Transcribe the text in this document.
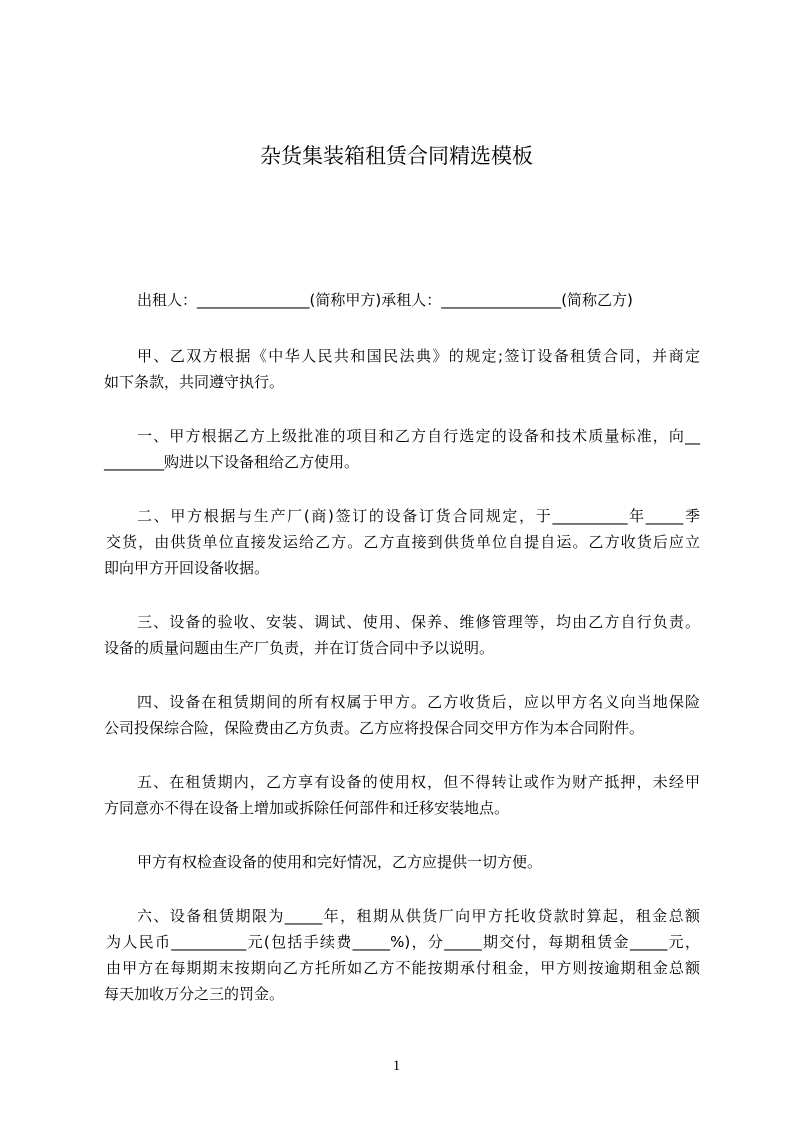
杂货集装箱租赁合同精选模板
出租人：_______________(简称甲方)承租人：________________(简称乙方)
甲、乙双方根据《中华人民共和国民法典》的规定;签订设备租赁合同，并商定
如下条款，共同遵守执行。
一、甲方根据乙方上级批准的项目和乙方自行选定的设备和技术质量标准，向__
________购进以下设备租给乙方使用。
二、甲方根据与生产厂(商)签订的设备订货合同规定，于__________年_____季
交货，由供货单位直接发运给乙方。乙方直接到供货单位自提自运。乙方收货后应立
即向甲方开回设备收据。
三、设备的验收、安装、调试、使用、保养、维修管理等，均由乙方自行负责。
设备的质量问题由生产厂负责，并在订货合同中予以说明。
四、设备在租赁期间的所有权属于甲方。乙方收货后，应以甲方名义向当地保险
公司投保综合险，保险费由乙方负责。乙方应将投保合同交甲方作为本合同附件。
五、在租赁期内，乙方享有设备的使用权，但不得转让或作为财产抵押，未经甲
方同意亦不得在设备上增加或拆除任何部件和迁移安装地点。
甲方有权检查设备的使用和完好情况，乙方应提供一切方便。
六、设备租赁期限为_____年，租期从供货厂向甲方托收贷款时算起，租金总额
为人民币__________元(包括手续费_____%)，分_____期交付，每期租赁金_____元，
由甲方在每期期末按期向乙方托所如乙方不能按期承付租金，甲方则按逾期租金总额
每天加收万分之三的罚金。
1
